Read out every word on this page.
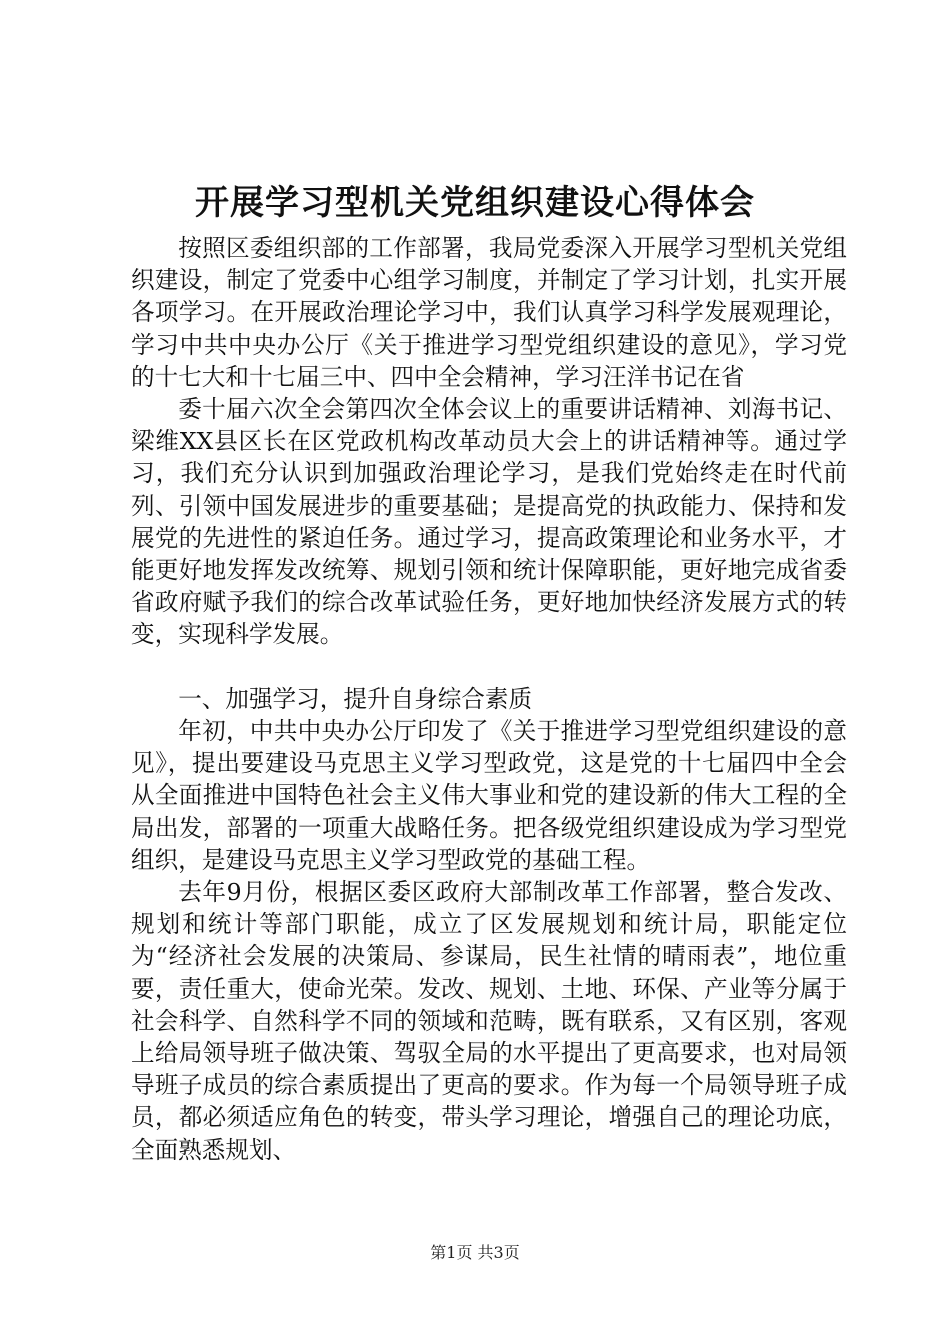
开展学习型机关党组织建设心得体会

按照区委组织部的工作部署，我局党委深入开展学习型机关党组织建设，制定了党委中心组学习制度，并制定了学习计划，扎实开展各项学习。在开展政治理论学习中，我们认真学习科学发展观理论，学习中共中央办公厅《关于推进学习型党组织建设的意见》，学习党的十七大和十七届三中、四中全会精神，学习汪洋书记在省

委十届六次全会第四次全体会议上的重要讲话精神、刘海书记、梁维XX县区长在区党政机构改革动员大会上的讲话精神等。通过学习，我们充分认识到加强政治理论学习，是我们党始终走在时代前列、引领中国发展进步的重要基础；是提高党的执政能力、保持和发展党的先进性的紧迫任务。通过学习，提高政策理论和业务水平，才能更好地发挥发改统筹、规划引领和统计保障职能，更好地完成省委省政府赋予我们的综合改革试验任务，更好地加快经济发展方式的转变，实现科学发展。

一、加强学习，提升自身综合素质

年初，中共中央办公厅印发了《关于推进学习型党组织建设的意见》，提出要建设马克思主义学习型政党，这是党的十七届四中全会从全面推进中国特色社会主义伟大事业和党的建设新的伟大工程的全局出发，部署的一项重大战略任务。把各级党组织建设成为学习型党组织，是建设马克思主义学习型政党的基础工程。

去年9月份，根据区委区政府大部制改革工作部署，整合发改、规划和统计等部门职能，成立了区发展规划和统计局，职能定位为“经济社会发展的决策局、参谋局，民生社情的晴雨表”，地位重要，责任重大，使命光荣。发改、规划、土地、环保、产业等分属于社会科学、自然科学不同的领域和范畴，既有联系，又有区别，客观上给局领导班子做决策、驾驭全局的水平提出了更高要求，也对局领导班子成员的综合素质提出了更高的要求。作为每一个局领导班子成员，都必须适应角色的转变，带头学习理论，增强自己的理论功底，全面熟悉规划、

第1页 共3页
